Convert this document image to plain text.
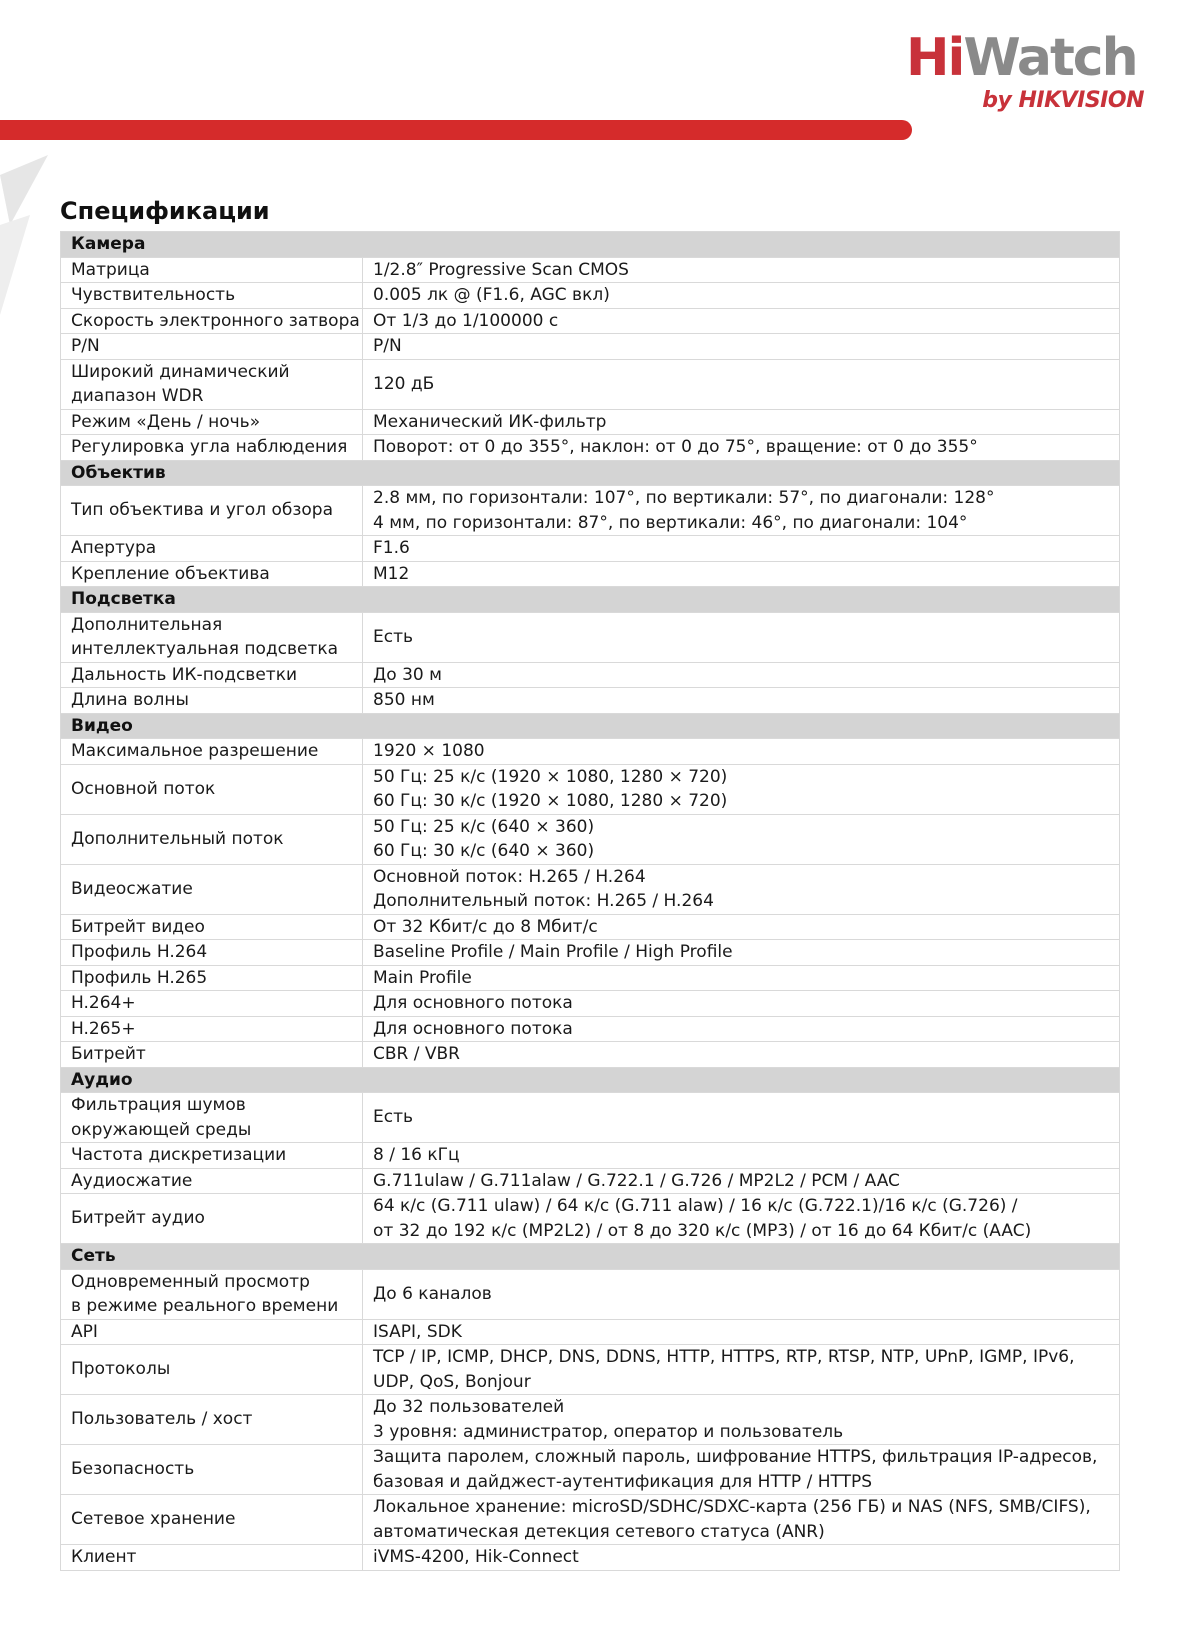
HiWatch
by HIKVISION
Спецификации
Камера	

Матрица	1/2.8″ Progressive Scan CMOS

Чувствительность	0.005 лк @ (F1.6, AGC вкл)

Скорость электронного затвора	От 1/3 до 1/100000 с

P/N	P/N

Широкий динамический
диапазон WDR	120 дБ

Режим «День / ночь»	Механический ИК-фильтр

Регулировка угла наблюдения	Поворот: от 0 до 355°, наклон: от 0 до 75°, вращение: от 0 до 355°

Объектив	

Тип объектива и угол обзора	2.8 мм, по горизонтали: 107°, по вертикали: 57°, по диагонали: 128°
4 мм, по горизонтали: 87°, по вертикали: 46°, по диагонали: 104°

Апертура	F1.6

Крепление объектива	M12

Подсветка	

Дополнительная
интеллектуальная подсветка	Есть

Дальность ИК-подсветки	До 30 м

Длина волны	850 нм

Видео	

Максимальное разрешение	1920 × 1080

Основной поток	50 Гц: 25 к/с (1920 × 1080, 1280 × 720)
60 Гц: 30 к/с (1920 × 1080, 1280 × 720)

Дополнительный поток	50 Гц: 25 к/с (640 × 360)
60 Гц: 30 к/с (640 × 360)

Видеосжатие	Основной поток: H.265 / H.264
Дополнительный поток: H.265 / H.264

Битрейт видео	От 32 Кбит/с до 8 Мбит/с

Профиль H.264	Baseline Profile / Main Profile / High Profile

Профиль H.265	Main Profile

H.264+	Для основного потока

H.265+	Для основного потока

Битрейт	CBR / VBR

Аудио	

Фильтрация шумов
окружающей среды	Есть

Частота дискретизации	8 / 16 кГц

Аудиосжатие	G.711ulaw / G.711alaw / G.722.1 / G.726 / MP2L2 / PCM / AAC

Битрейт аудио	64 к/с (G.711 ulaw) / 64 к/с (G.711 alaw) / 16 к/с (G.722.1)/16 к/с (G.726) /
от 32 до 192 к/с (MP2L2) / от 8 до 320 к/с (MP3) / от 16 до 64 Кбит/с (AAC)

Сеть	

Одновременный просмотр
в режиме реального времени	До 6 каналов

API	ISAPI, SDK

Протоколы	TCP / IP, ICMP, DHCP, DNS, DDNS, HTTP, HTTPS, RTP, RTSP, NTP, UPnP, IGMP, IPv6,
UDP, QoS, Bonjour

Пользователь / хост	До 32 пользователей
3 уровня: администратор, оператор и пользователь

Безопасность	Защита паролем, сложный пароль, шифрование HTTPS, фильтрация IP-адресов,
базовая и дайджест-аутентификация для HTTP / HTTPS

Сетевое хранение	Локальное хранение: microSD/SDHC/SDXC-карта (256 ГБ) и NAS (NFS, SMB/CIFS),
автоматическая детекция сетевого статуса (ANR)

Клиент	iVMS-4200, Hik-Connect
